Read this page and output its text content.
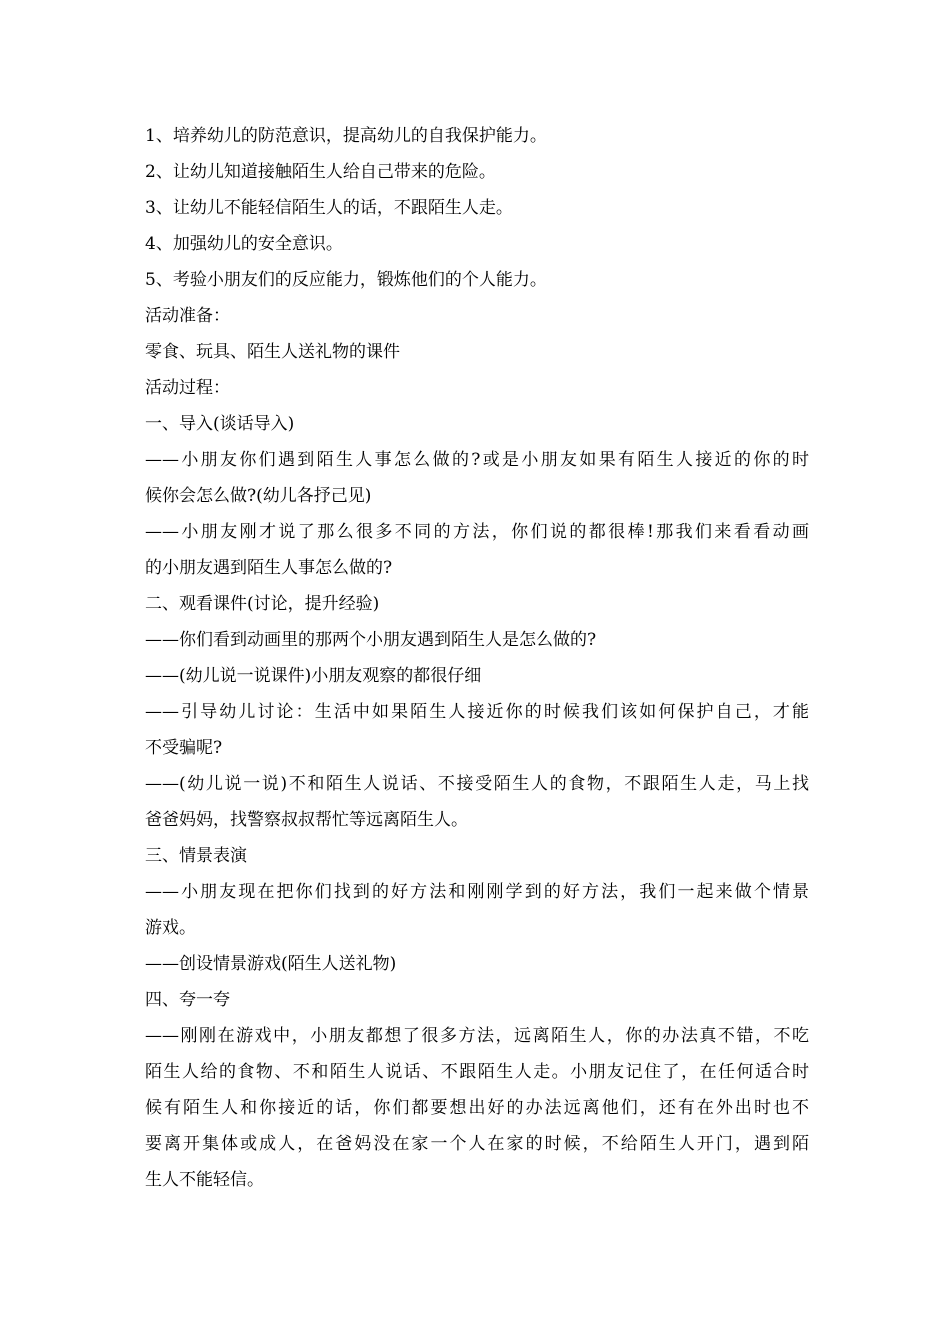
1、培养幼儿的防范意识，提高幼儿的自我保护能力。

2、让幼儿知道接触陌生人给自己带来的危险。

3、让幼儿不能轻信陌生人的话，不跟陌生人走。

4、加强幼儿的安全意识。

5、考验小朋友们的反应能力，锻炼他们的个人能力。

活动准备：

零食、玩具、陌生人送礼物的课件

活动过程：

一、导入(谈话导入)

——小朋友你们遇到陌生人事怎么做的?或是小朋友如果有陌生人接近的你的时

候你会怎么做?(幼儿各抒己见)

——小朋友刚才说了那么很多不同的方法，你们说的都很棒!那我们来看看动画

的小朋友遇到陌生人事怎么做的?

二、观看课件(讨论，提升经验)

——你们看到动画里的那两个小朋友遇到陌生人是怎么做的?

——(幼儿说一说课件)小朋友观察的都很仔细

——引导幼儿讨论：生活中如果陌生人接近你的时候我们该如何保护自己，才能

不受骗呢?

——(幼儿说一说)不和陌生人说话、不接受陌生人的食物，不跟陌生人走，马上找

爸爸妈妈，找警察叔叔帮忙等远离陌生人。

三、情景表演

——小朋友现在把你们找到的好方法和刚刚学到的好方法，我们一起来做个情景

游戏。

——创设情景游戏(陌生人送礼物)

四、夸一夸

——刚刚在游戏中，小朋友都想了很多方法，远离陌生人，你的办法真不错，不吃

陌生人给的食物、不和陌生人说话、不跟陌生人走。小朋友记住了，在任何适合时

候有陌生人和你接近的话，你们都要想出好的办法远离他们，还有在外出时也不

要离开集体或成人，在爸妈没在家一个人在家的时候，不给陌生人开门，遇到陌

生人不能轻信。
